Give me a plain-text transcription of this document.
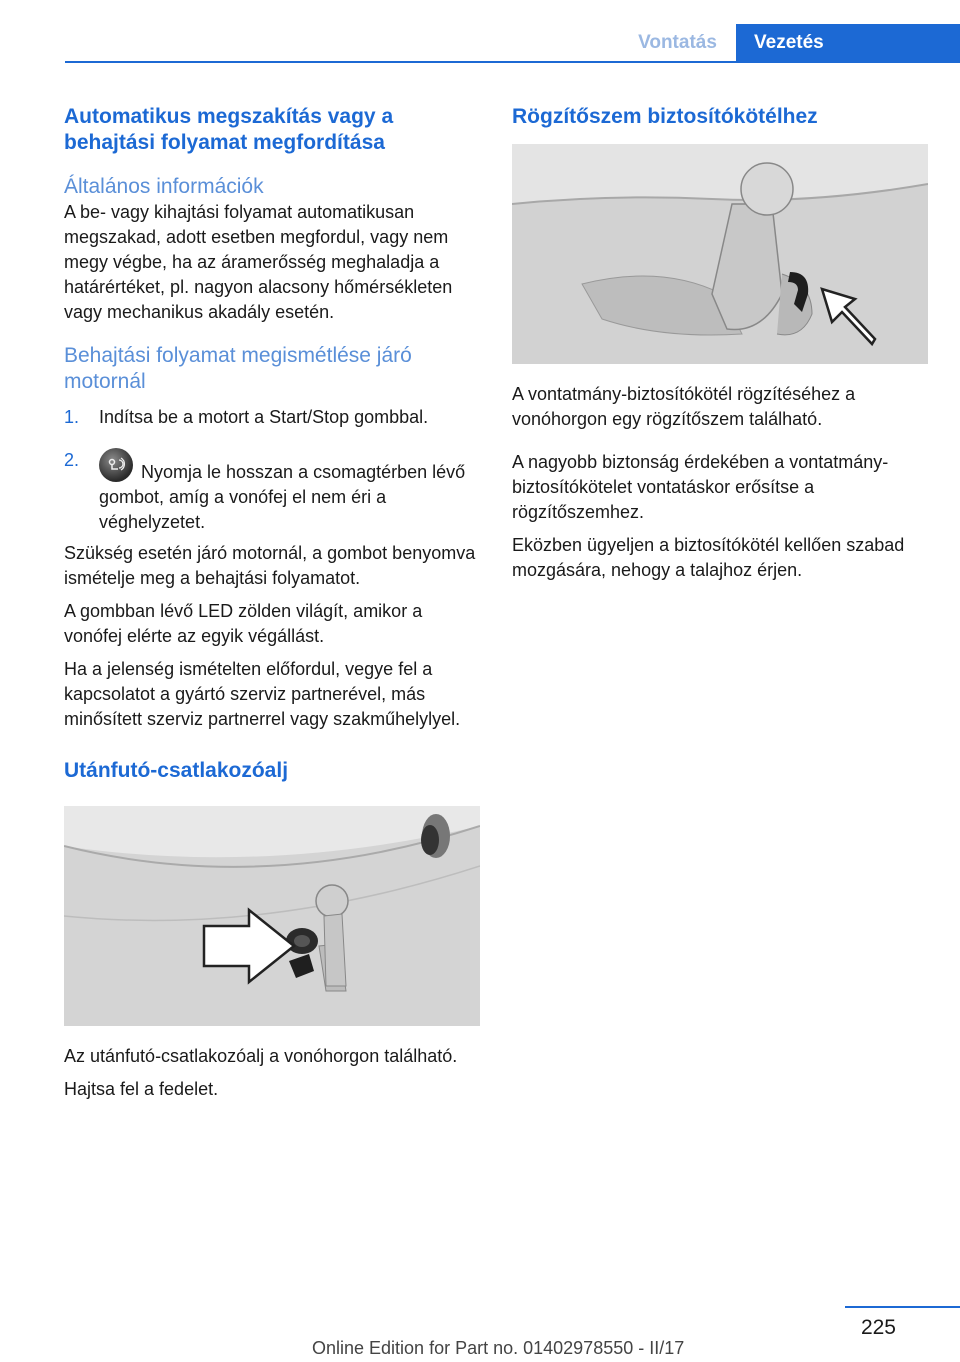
Vontatás	Vezetés
Automatikus megszakítás vagy a behajtási folyamat megfordítása
Általános információk

A be- vagy kihajtási folyamat automatikusan megszakad, adott esetben megfordul, vagy nem megy végbe, ha az áramerősség meghaladja a határértéket, pl. nagyon alacsony hőmérsékleten vagy mechanikus akadály esetén.

Behajtási folyamat megismétlése járó motornál
1. Indítsa be a motort a Start/Stop gombbal.
2.
Nyomja le hosszan a csomagtérben lévő gombot, amíg a vonófej el nem éri a véghelyzetet.

Szükség esetén járó motornál, a gombot benyomva ismételje meg a behajtási folyamatot.

A gombban lévő LED zölden világít, amikor a vonófej elérte az egyik végállást.

Ha a jelenség ismételten előfordul, vegye fel a kapcsolatot a gyártó szerviz partnerével, más minősített szerviz partnerrel vagy szakműhelylyel.

Utánfutó-csatlakozóalj

Az utánfutó-csatlakozóalj a vonóhorgon található.

Hajtsa fel a fedelet.

Rögzítőszem biztosítókötélhez

A vontatmány-biztosítókötél rögzítéséhez a vonóhorgon egy rögzítőszem található.

A nagyobb biztonság érdekében a vontatmány-biztosítókötelet vontatáskor erősítse a rögzítőszemhez.

Eközben ügyeljen a biztosítókötél kellően szabad mozgására, nehogy a talajhoz érjen.

225
Online Edition for Part no. 01402978550 - II/17
